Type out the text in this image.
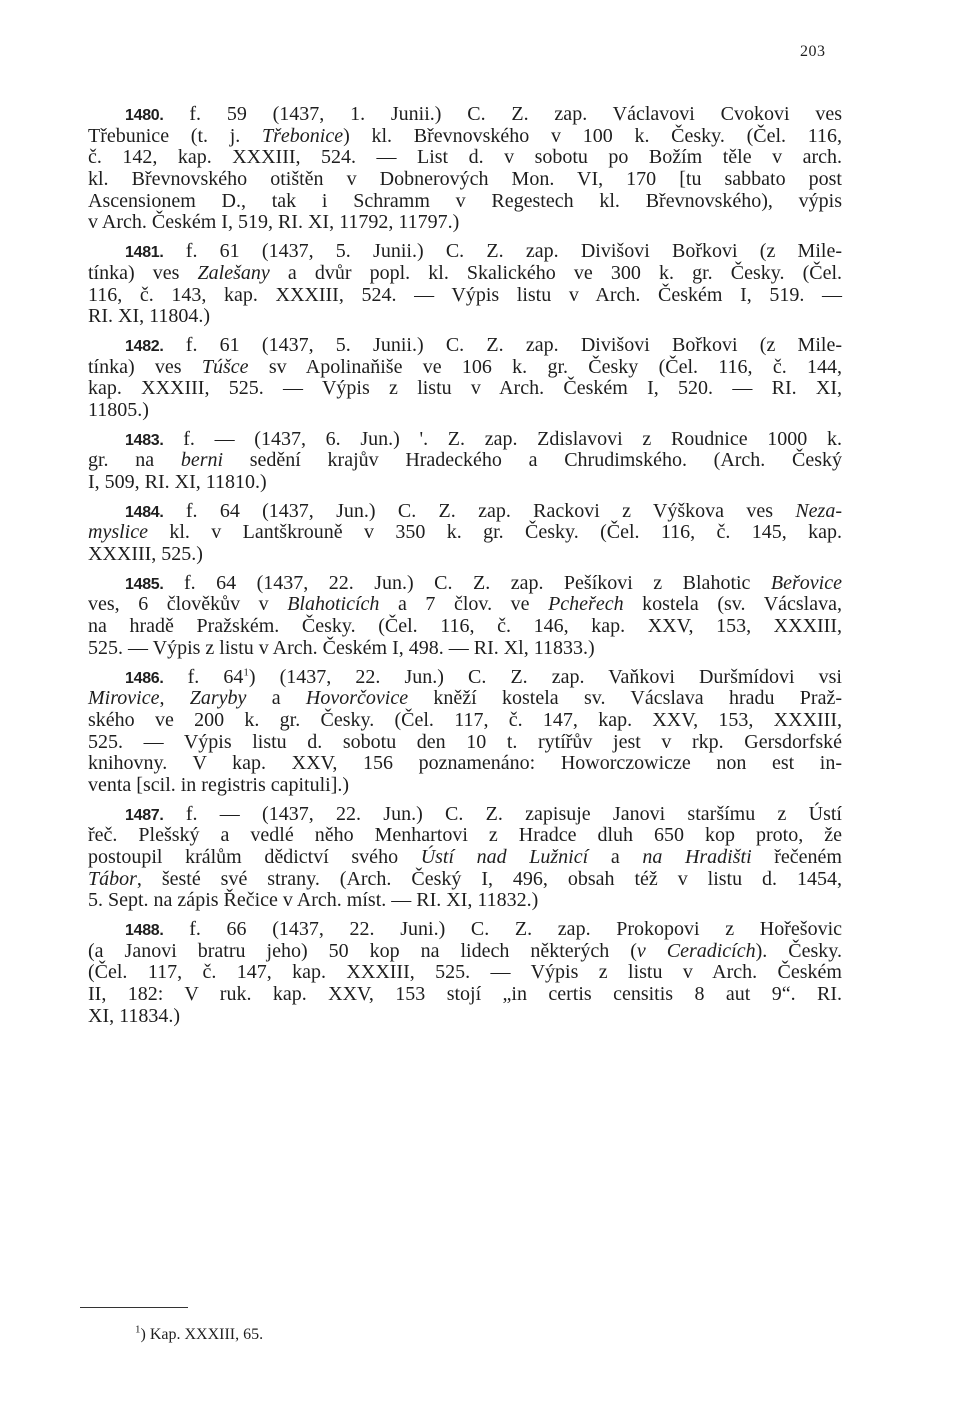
203
1480. f. 59 (1437, 1. Junii.) C. Z. zap. Václavovi Cvokovi ves
Třebunice (t. j. Třebonice) kl. Břevnovského v 100 k. Česky. (Čel. 116,
č. 142, kap. XXXIII, 524. — List d. v sobotu po Božím těle v arch.
kl. Břevnovského otištěn v Dobnerových Mon. VI, 170 [tu sabbato post
Ascensionem D., tak i Schramm v Regestech kl. Břevnovského), výpis
v Arch. Českém I, 519, RI. XI, 11792, 11797.)
1481. f. 61 (1437, 5. Junii.) C. Z. zap. Divišovi Bořkovi (z Mile-
tínka) ves Zalešany a dvůr popl. kl. Skalického ve 300 k. gr. Česky. (Čel.
116, č. 143, kap. XXXIII, 524. — Výpis listu v Arch. Českém I, 519. —
RI. XI, 11804.)
1482. f. 61 (1437, 5. Junii.) C. Z. zap. Divišovi Bořkovi (z Mile-
tínka) ves Túšce sv Apolinaňiše ve 106 k. gr. Česky (Čel. 116, č. 144,
kap. XXXIII, 525. — Výpis z listu v Arch. Českém I, 520. — RI. XI,
11805.)
1483. f. — (1437, 6. Jun.) '. Z. zap. Zdislavovi z Roudnice 1000 k.
gr. na berni sedění krajův Hradeckého a Chrudimského. (Arch. Český
I, 509, RI. XI, 11810.)
1484. f. 64 (1437, Jun.) C. Z. zap. Rackovi z Výškova ves Neza-
myslice kl. v Lantškrouně v 350 k. gr. Česky. (Čel. 116, č. 145, kap.
XXXIII, 525.)
1485. f. 64 (1437, 22. Jun.) C. Z. zap. Pešíkovi z Blahotic Beřovice
ves, 6 člověkův v Blahoticích a 7 člov. ve Pcheřech kostela (sv. Vácslava,
na hradě Pražském. Česky. (Čel. 116, č. 146, kap. XXV, 153, XXXIII,
525. — Výpis z listu v Arch. Českém I, 498. — RI. Xl, 11833.)
1486. f. $64^1$) (1437, 22. Jun.) C. Z. zap. Vaňkovi Duršmídovi vsi
Mirovice, Zaryby a Hovorčovice kněží kostela sv. Vácslava hradu Praž-
ského ve 200 k. gr. Česky. (Čel. 117, č. 147, kap. XXV, 153, XXXIII,
525. — Výpis listu d. sobotu den 10 t. rytířův jest v rkp. Gersdorfské
knihovny. V kap. XXV, 156 poznamenáno: Howorczowicze non est in-
venta [scil. in registris capituli].)
1487. f. — (1437, 22. Jun.) C. Z. zapisuje Janovi staršímu z Ústí
řeč. Plešský a vedlé něho Menhartovi z Hradce dluh 650 kop proto, že
postoupil králům dědictví svého Ústí nad Lužnicí a na Hradišti řečeném
Tábor, šesté své strany. (Arch. Český I, 496, obsah též v listu d. 1454,
5. Sept. na zápis Řečice v Arch. míst. — RI. XI, 11832.)
1488. f. 66 (1437, 22. Juni.) C. Z. zap. Prokopovi z Hořešovic
(a Janovi bratru jeho) 50 kop na lidech některých (v Ceradicích). Česky.
(Čel. 117, č. 147, kap. XXXIII, 525. — Výpis z listu v Arch. Českém
II, 182: V ruk. kap. XXV, 153 stojí „in certis censitis 8 aut 9“. RI.
XI, 11834.)
$^1$) Kap. XXXIII, 65.
